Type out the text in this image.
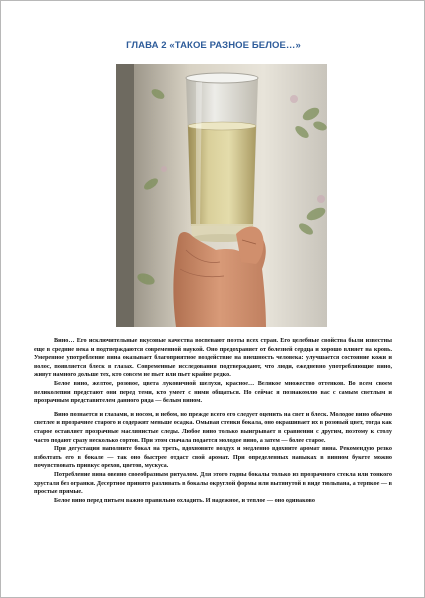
ГЛАВА 2 «ТАКОЕ РАЗНОЕ БЕЛОЕ…»

Вино… Его исключительные вкусовые качества воспевают поэты всех стран. Его целебные свойства были известны еще в средние века и подтверждаются современной наукой. Оно предохраняет от болезней сердца и хорошо влияет на кровь. Умеренное употребление вина оказывает благоприятное воздействие на внешность человека: улучшается состояние кожи и волос, появляется блеск в глазах. Современные исследования подтверждают, что люди, ежедневно употребляющие вино, живут намного дольше тех, кто совсем не пьет или пьет крайне редко.

Белое вино, желтое, розовое, цвета луковичной шелухи, красное… Великое множество оттенков. Во всем своем великолепии предстают они перед теми, кто умеет с ними общаться. Но сейчас я познакомлю вас с самым светлым и прозрачным представителем данного ряда — белым вином.

Вино познается и глазами, и носом, и небом, но прежде всего его следует оценить на свет и блеск. Молодое вино обычно светлее и прозрачнее старого и содержит меньше осадка. Омывая стенки бокала, оно окрашивает их в розовый цвет, тогда как старое оставляет прозрачные маслянистые следы. Любое вино только выигрывает в сравнении с другим, поэтому к столу часто подают сразу несколько сортов. При этом сначала подается молодое вино, а затем — более старое.

При дегустации наполните бокал на треть, вдохновите воздух и медленно вдохните аромат вина. Рекомендую резко взболтать его в бокале — так оно быстрее отдаст свой аромат. При определенных навыках в винном букете можно почувствовать привкус орехов, цветов, мускуса.

Потребление вина овеяно своеобразным ритуалом. Для этого годны бокалы только из прозрачного стекла или тонкого хрусталя без огранки. Десертное принято разливать в бокалы округлой формы или вытянутой в виде тюльпана, а терпкое — в простые прямые.

Белое вино перед питьем важно правильно охладить. И надежное, и теплое — оно одинаково
